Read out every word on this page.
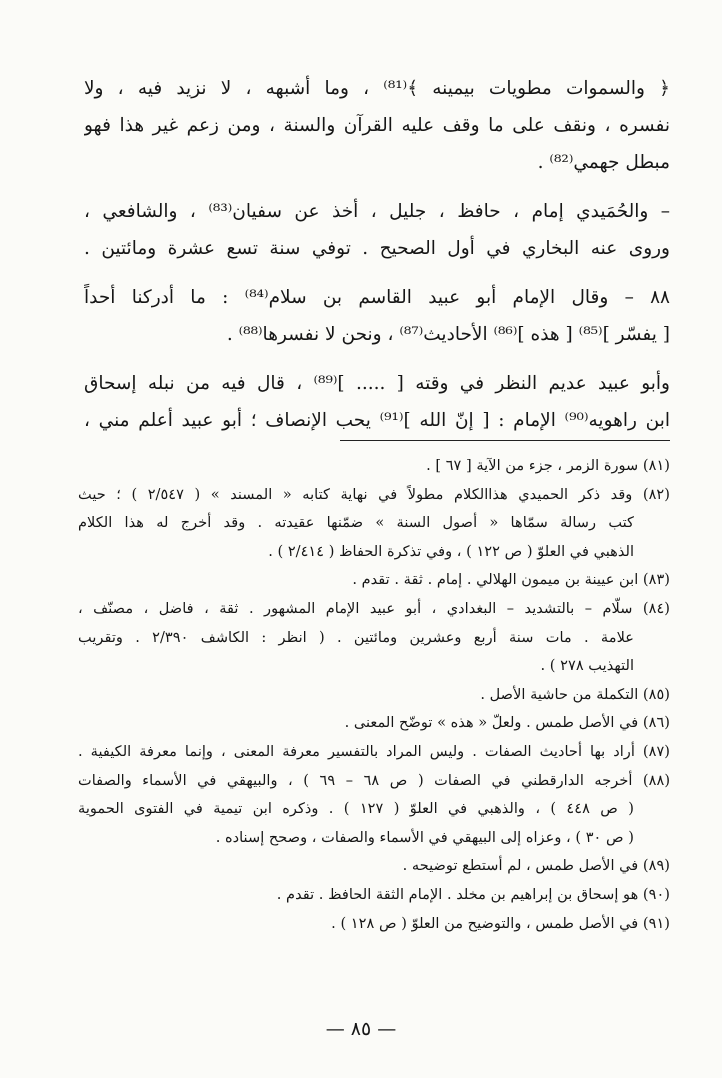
﴿ والسموات مطويات بيمينه ﴾⁽⁸¹⁾ ، وما أشبهه ، لا نزيد فيه ، ولا
نفسره ، ونقف على ما وقف عليه القرآن والسنة ، ومن زعم غير هذا فهو
مبطل جهمي⁽⁸²⁾ .
– والحُمَيدي إمام ، حافظ ، جليل ، أخذ عن سفيان⁽⁸³⁾ ، والشافعي ،
وروى عنه البخاري في أول الصحيح . توفي سنة تسع عشرة ومائتين .
٨٨ – وقال الإمام أبو عبيد القاسم بن سلام⁽⁸⁴⁾ : ما أدركنا أحداً
[ يفسّر ]⁽⁸⁵⁾ [ هذه ]⁽⁸⁶⁾ الأحاديث⁽⁸⁷⁾ ، ونحن لا نفسرها⁽⁸⁸⁾ .
وأبو عبيد عديم النظر في وقته [ ..... ]⁽⁸⁹⁾ ، قال فيه من نبله إسحاق
ابن راهويه⁽⁹⁰⁾ الإمام : [ إنّ الله ]⁽⁹¹⁾ يحب الإنصاف ؛ أبو عبيد أعلم مني ،
(٨١) سورة الزمر ، جزء من الآية [ ٦٧ ] .
(٨٢) وقد ذكر الحميدي هذاالكلام مطولاً في نهاية كتابه « المسند » ( ٢/٥٤٧ ) ؛ حيث
كتب رسالة سمّاها « أصول السنة » ضمّنها عقيدته . وقد أخرج له هذا الكلام
الذهبي في العلوّ ( ص ١٢٢ ) ، وفي تذكرة الحفاظ ( ٢/٤١٤ ) .
(٨٣) ابن عيينة بن ميمون الهلالي . إمام . ثقة . تقدم .
(٨٤) سلّام – بالتشديد – البغدادي ، أبو عبيد الإمام المشهور . ثقة ، فاضل ، مصنّف ،
علامة . مات سنة أربع وعشرين ومائتين . ( انظر : الكاشف ٢/٣٩٠ . وتقريب
التهذيب ٢٧٨ ) .
(٨٥) التكملة من حاشية الأصل .
(٨٦) في الأصل طمس . ولعلّ « هذه » توضّح المعنى .
(٨٧) أراد بها أحاديث الصفات . وليس المراد بالتفسير معرفة المعنى ، وإنما معرفة الكيفية .
(٨٨) أخرجه الدارقطني في الصفات ( ص ٦٨ – ٦٩ ) ، والبيهقي في الأسماء والصفات
( ص ٤٤٨ ) ، والذهبي في العلوّ ( ١٢٧ ) . وذكره ابن تيمية في الفتوى الحموية
( ص ٣٠ ) ، وعزاه إلى البيهقي في الأسماء والصفات ، وصحح إسناده .
(٨٩) في الأصل طمس ، لم أستطع توضيحه .
(٩٠) هو إسحاق بن إبراهيم بن مخلد . الإمام الثقة الحافظ . تقدم .
(٩١) في الأصل طمس ، والتوضيح من العلوّ ( ص ١٢٨ ) .
— ٨٥ —
